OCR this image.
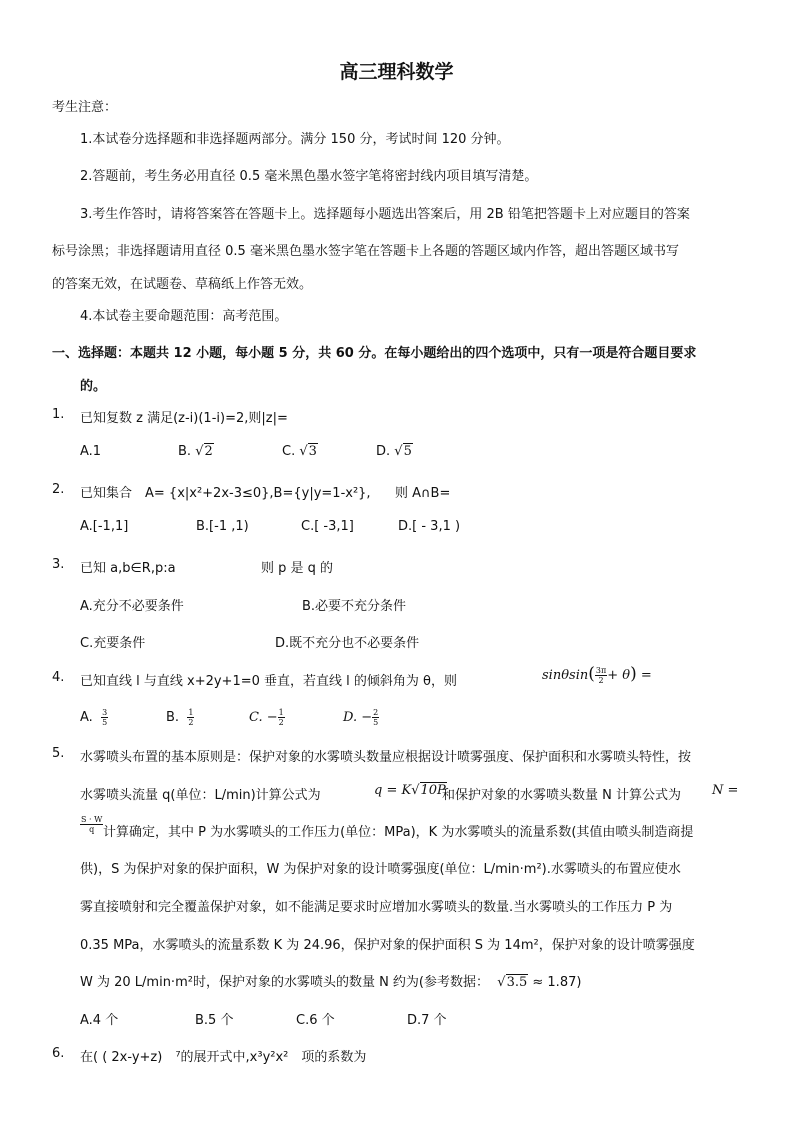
高三理科数学
考生注意：
1.本试卷分选择题和非选择题两部分。满分 150 分，考试时间 120 分钟。
2.答题前，考生务必用直径 0.5 毫米黑色墨水签字笔将密封线内项目填写清楚。
3.考生作答时，请将答案答在答题卡上。选择题每小题选出答案后，用 2B 铅笔把答题卡上对应题目的答案
标号涂黑；非选择题请用直径 0.5 毫米黑色墨水签字笔在答题卡上各题的答题区域内作答，超出答题区域书写
的答案无效，在试题卷、草稿纸上作答无效。
4.本试卷主要命题范围：高考范围。
一、选择题：本题共 12 小题，每小题 5 分，共 60 分。在每小题给出的四个选项中，只有一项是符合题目要求
的。
1. 已知复数 z 满足(z-i)(1-i)=2,则|z|=
A.1	B. √2	C. √3	D. √5
2. 已知集合　A= {x|x²+2x-3≤0},B={y|y=1-x²}, 则 A∩B=
A.[-1,1]	B.[-1 ,1)	C.[ -3,1]	D.[ - 3,1 )
3. 已知 a,b∈R,p:a	则 p 是 q 的
A.充分不必要条件	B.必要不充分条件
C.充要条件	D.既不充分也不必要条件
4. 已知直线 l 与直线 x+2y+1=0 垂直，若直线 l 的倾斜角为 θ，则	$\sin\theta\sin( \frac{3\pi}{2} + \theta)$ =
A. $\frac{3}{5}$	B. $\frac{1}{2}$	C. − $\frac{1}{2}$	D. − $\frac{2}{5}$
5. 水雾喷头布置的基本原则是：保护对象的水雾喷头数量应根据设计喷雾强度、保护面积和水雾喷头特性，按
水雾喷头流量 q(单位：L/min)计算公式为	q = K√10P
和保护对象的水雾喷头数量 N 计算公式为 N =
$\frac{S \cdot W}{q}$ 计算确定，其中 P 为水雾喷头的工作压力(单位：MPa)，K 为水雾喷头的流量系数(其值由喷头制造商提
供)，S 为保护对象的保护面积，W 为保护对象的设计喷雾强度(单位：L/min·m²).水雾喷头的布置应使水
雾直接喷射和完全覆盖保护对象，如不能满足要求时应增加水雾喷头的数量.当水雾喷头的工作压力 P 为
0.35 MPa，水雾喷头的流量系数 K 为 24.96，保护对象的保护面积 S 为 14m²，保护对象的设计喷雾强度
W 为 20 L/min·m²时，保护对象的水雾喷头的数量 N 约为(参考数据： √3.5 ≈ 1.87)
A.4 个	B.5 个	C.6 个	D.7 个
6. 在( ( 2x-y+z)　⁷的展开式中,x³y²x²　项的系数为
